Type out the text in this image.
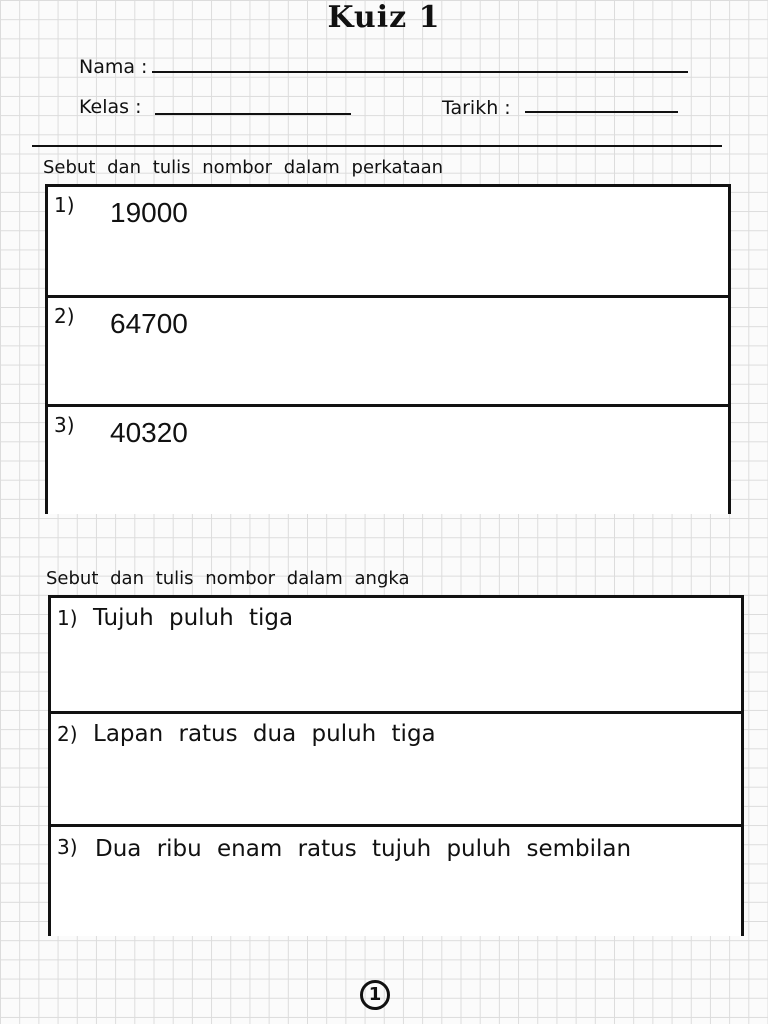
Kuiz 1
Nama :
Kelas :	Tarikh :
Sebut dan tulis nombor dalam perkataan
1) 19000
2) 64700
3) 40320
Sebut dan tulis nombor dalam angka
1) Tujuh puluh tiga
2) Lapan ratus dua puluh tiga
3) Dua ribu enam ratus tujuh puluh sembilan
1
